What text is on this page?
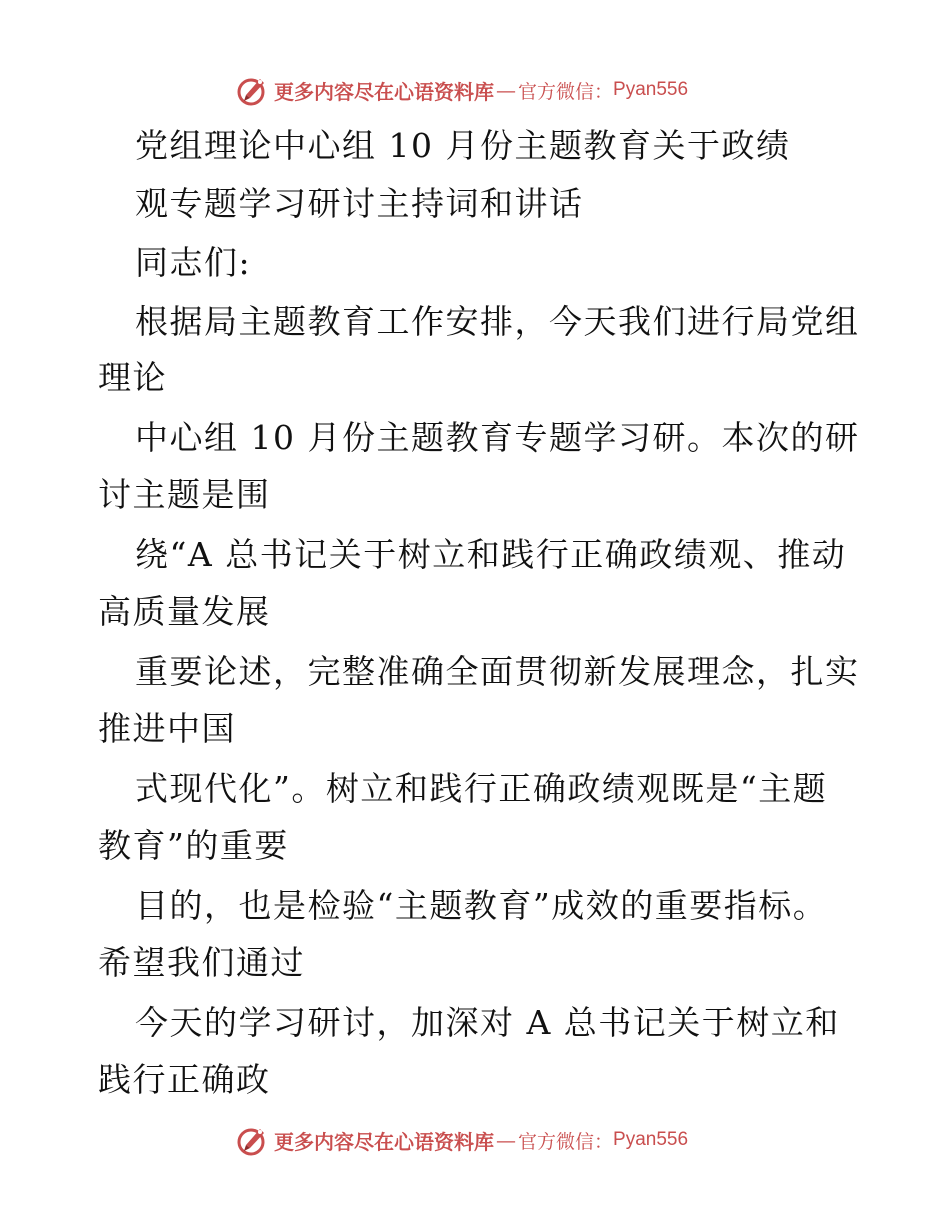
更多内容尽在心语资料库 — 官方微信： Pyan556

党组理论中心组 10 月份主题教育关于政绩

观专题学习研讨主持词和讲话

同志们:

根据局主题教育工作安排，今天我们进行局党组

理论

中心组 10 月份主题教育专题学习研。本次的研

讨主题是围

绕“A 总书记关于树立和践行正确政绩观、推动

高质量发展

重要论述，完整准确全面贯彻新发展理念，扎实

推进中国

式现代化”。树立和践行正确政绩观既是“主题

教育”的重要

目的，也是检验“主题教育”成效的重要指标。

希望我们通过

今天的学习研讨，加深对 A 总书记关于树立和

践行正确政

更多内容尽在心语资料库 — 官方微信： Pyan556
